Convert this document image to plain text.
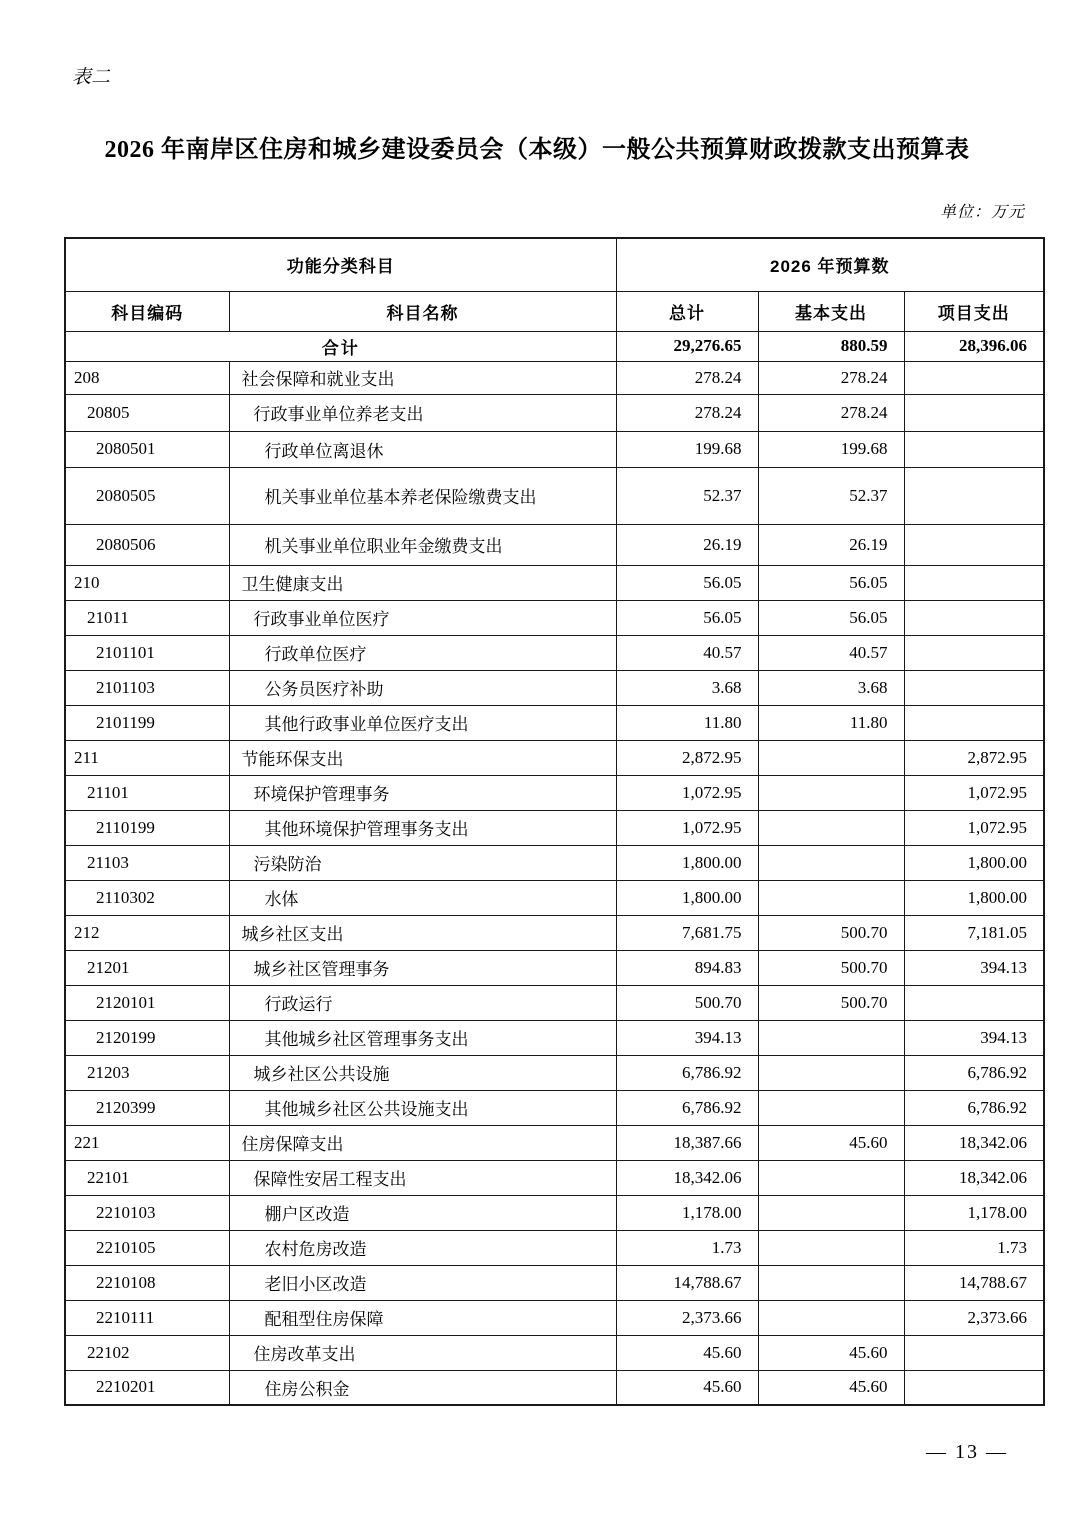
表二
2026 年南岸区住房和城乡建设委员会（本级）一般公共预算财政拨款支出预算表
单位：万元
功能分类科目		2026 年预算数		
科目编码	科目名称	总计	基本支出	项目支出
合计		29,276.65	880.59	28,396.06
208	社会保障和就业支出	278.24	278.24	
20805	行政事业单位养老支出	278.24	278.24	
2080501	行政单位离退休	199.68	199.68	
2080505	机关事业单位基本养老保险缴费支出	52.37	52.37	
2080506	机关事业单位职业年金缴费支出	26.19	26.19	
210	卫生健康支出	56.05	56.05	
21011	行政事业单位医疗	56.05	56.05	
2101101	行政单位医疗	40.57	40.57	
2101103	公务员医疗补助	3.68	3.68	
2101199	其他行政事业单位医疗支出	11.80	11.80	
211	节能环保支出	2,872.95		2,872.95
21101	环境保护管理事务	1,072.95		1,072.95
2110199	其他环境保护管理事务支出	1,072.95		1,072.95
21103	污染防治	1,800.00		1,800.00
2110302	水体	1,800.00		1,800.00
212	城乡社区支出	7,681.75	500.70	7,181.05
21201	城乡社区管理事务	894.83	500.70	394.13
2120101	行政运行	500.70	500.70	
2120199	其他城乡社区管理事务支出	394.13		394.13
21203	城乡社区公共设施	6,786.92		6,786.92
2120399	其他城乡社区公共设施支出	6,786.92		6,786.92
221	住房保障支出	18,387.66	45.60	18,342.06
22101	保障性安居工程支出	18,342.06		18,342.06
2210103	棚户区改造	1,178.00		1,178.00
2210105	农村危房改造	1.73		1.73
2210108	老旧小区改造	14,788.67		14,788.67
2210111	配租型住房保障	2,373.66		2,373.66
22102	住房改革支出	45.60	45.60	
2210201	住房公积金	45.60	45.60	
— 13 —
